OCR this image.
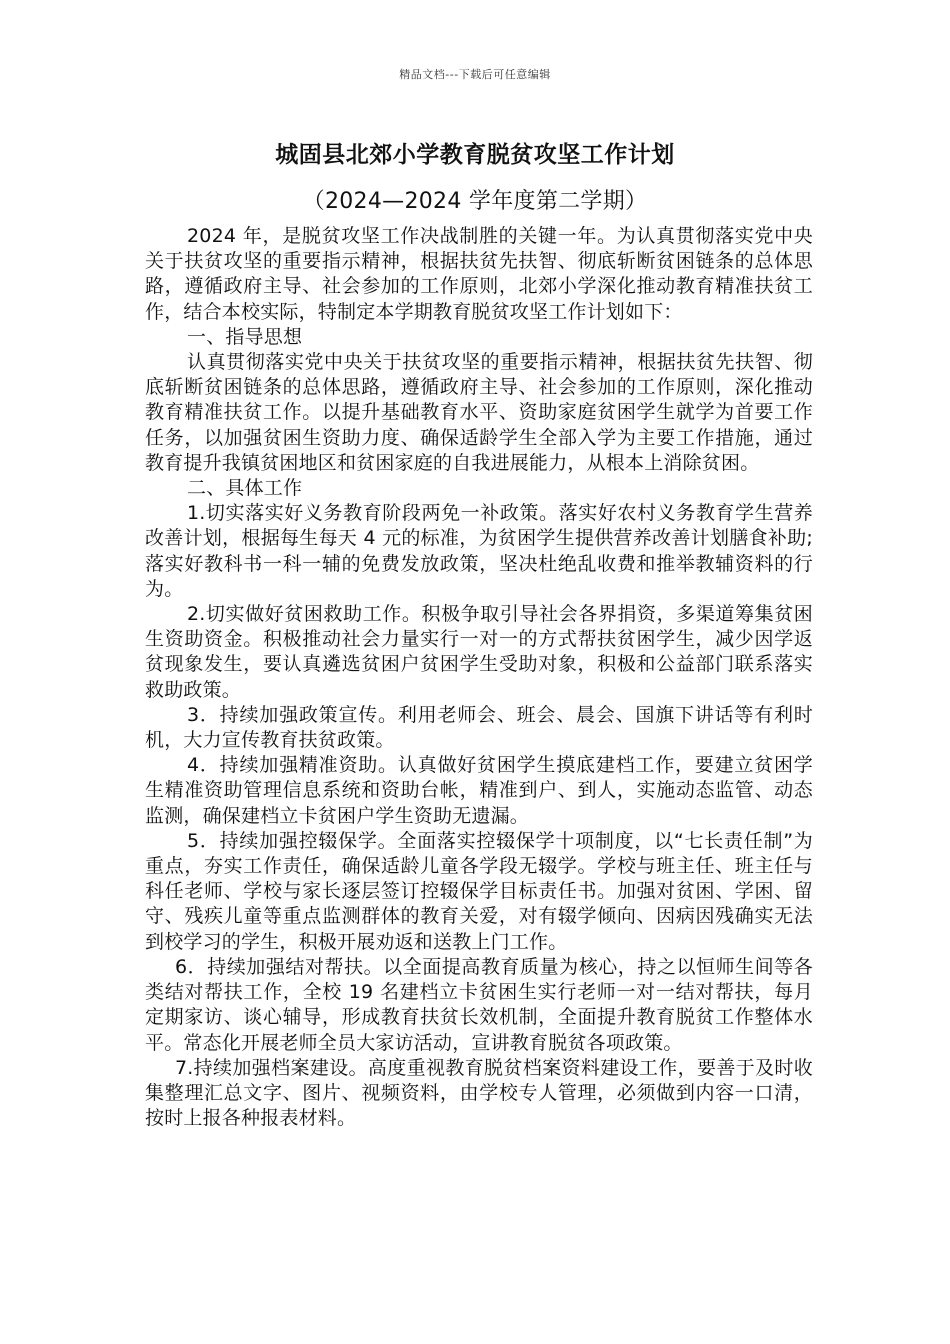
精品文档---下载后可任意编辑
城固县北郊小学教育脱贫攻坚工作计划
（2024—2024 学年度第二学期）

2024 年，是脱贫攻坚工作决战制胜的关键一年。为认真贯彻落实党中央关于扶贫攻坚的重要指示精神，根据扶贫先扶智、彻底斩断贫困链条的总体思路，遵循政府主导、社会参加的工作原则，北郊小学深化推动教育精准扶贫工作，结合本校实际，特制定本学期教育脱贫攻坚工作计划如下：

一、指导思想

认真贯彻落实党中央关于扶贫攻坚的重要指示精神，根据扶贫先扶智、彻底斩断贫困链条的总体思路，遵循政府主导、社会参加的工作原则，深化推动教育精准扶贫工作。以提升基础教育水平、资助家庭贫困学生就学为首要工作任务，以加强贫困生资助力度、确保适龄学生全部入学为主要工作措施，通过教育提升我镇贫困地区和贫困家庭的自我进展能力，从根本上消除贫困。

二、具体工作

1.切实落实好义务教育阶段两免一补政策。落实好农村义务教育学生营养改善计划，根据每生每天 4 元的标准，为贫困学生提供营养改善计划膳食补助;落实好教科书一科一辅的免费发放政策，坚决杜绝乱收费和推举教辅资料的行为。

2.切实做好贫困救助工作。积极争取引导社会各界捐资，多渠道筹集贫困生资助资金。积极推动社会力量实行一对一的方式帮扶贫困学生，减少因学返贫现象发生，要认真遴选贫困户贫困学生受助对象，积极和公益部门联系落实救助政策。

3．持续加强政策宣传。利用老师会、班会、晨会、国旗下讲话等有利时机，大力宣传教育扶贫政策。

4．持续加强精准资助。认真做好贫困学生摸底建档工作，要建立贫困学生精准资助管理信息系统和资助台帐，精准到户、到人，实施动态监管、动态监测，确保建档立卡贫困户学生资助无遗漏。

5．持续加强控辍保学。全面落实控辍保学十项制度，以“七长责任制”为重点，夯实工作责任，确保适龄儿童各学段无辍学。学校与班主任、班主任与科任老师、学校与家长逐层签订控辍保学目标责任书。加强对贫困、学困、留守、残疾儿童等重点监测群体的教育关爱，对有辍学倾向、因病因残确实无法到校学习的学生，积极开展劝返和送教上门工作。

6．持续加强结对帮扶。以全面提高教育质量为核心，持之以恒师生间等各类结对帮扶工作，全校 19 名建档立卡贫困生实行老师一对一结对帮扶，每月定期家访、谈心辅导，形成教育扶贫长效机制，全面提升教育脱贫工作整体水平。常态化开展老师全员大家访活动，宣讲教育脱贫各项政策。

7.持续加强档案建设。高度重视教育脱贫档案资料建设工作，要善于及时收集整理汇总文字、图片、视频资料，由学校专人管理，必须做到内容一口清，按时上报各种报表材料。
